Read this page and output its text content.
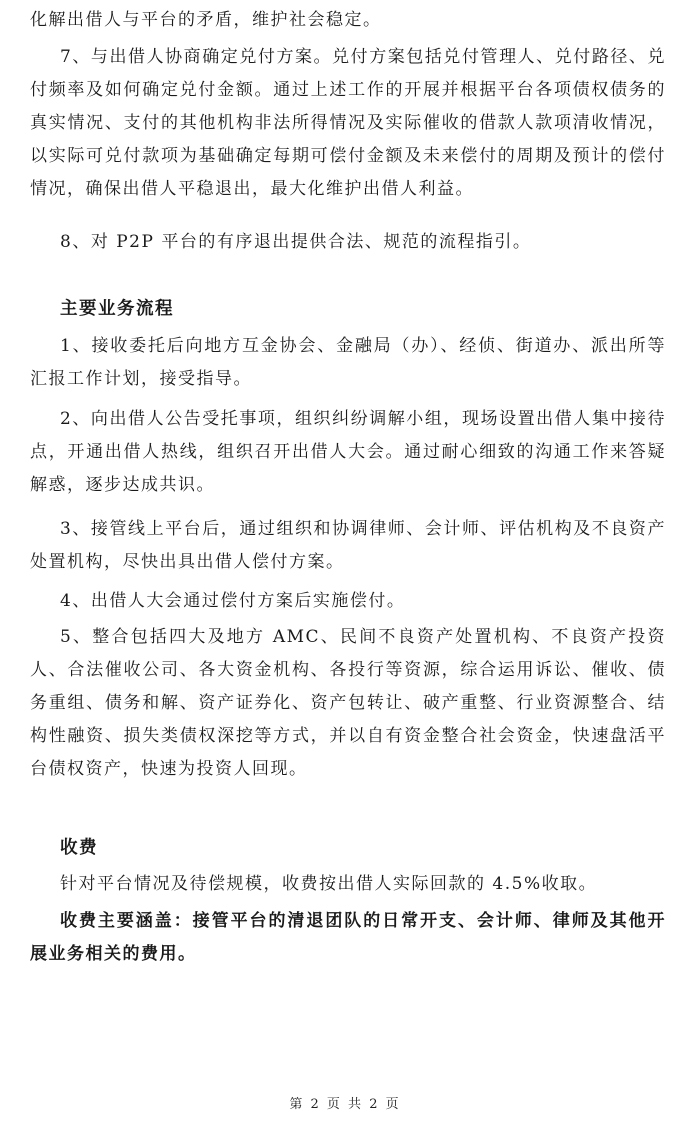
化解出借人与平台的矛盾，维护社会稳定。

7、与出借人协商确定兑付方案。兑付方案包括兑付管理人、兑付路径、兑付频率及如何确定兑付金额。通过上述工作的开展并根据平台各项债权债务的真实情况、支付的其他机构非法所得情况及实际催收的借款人款项清收情况，以实际可兑付款项为基础确定每期可偿付金额及未来偿付的周期及预计的偿付情况，确保出借人平稳退出，最大化维护出借人利益。

8、对 P2P 平台的有序退出提供合法、规范的流程指引。

主要业务流程

1、接收委托后向地方互金协会、金融局（办）、经侦、街道办、派出所等汇报工作计划，接受指导。

2、向出借人公告受托事项，组织纠纷调解小组，现场设置出借人集中接待点，开通出借人热线，组织召开出借人大会。通过耐心细致的沟通工作来答疑解惑，逐步达成共识。

3、接管线上平台后，通过组织和协调律师、会计师、评估机构及不良资产处置机构，尽快出具出借人偿付方案。

4、出借人大会通过偿付方案后实施偿付。

5、整合包括四大及地方 AMC、民间不良资产处置机构、不良资产投资人、合法催收公司、各大资金机构、各投行等资源，综合运用诉讼、催收、债务重组、债务和解、资产证券化、资产包转让、破产重整、行业资源整合、结构性融资、损失类债权深挖等方式，并以自有资金整合社会资金，快速盘活平台债权资产，快速为投资人回现。

收费

针对平台情况及待偿规模，收费按出借人实际回款的 4.5%收取。

收费主要涵盖：接管平台的清退团队的日常开支、会计师、律师及其他开展业务相关的费用。

第 2 页 共 2 页
